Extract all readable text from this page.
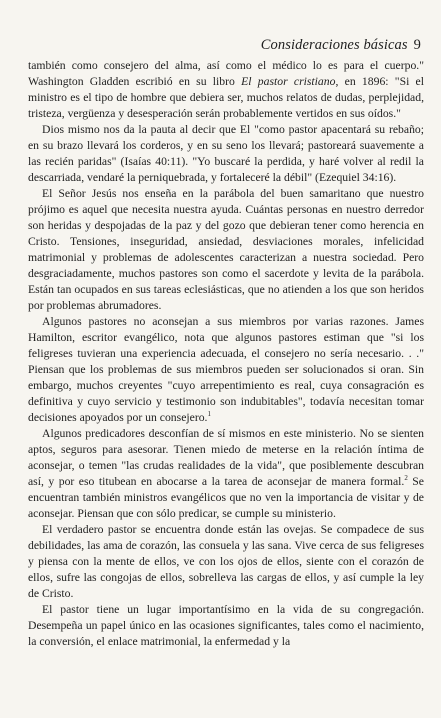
Consideraciones básicas 9

también como consejero del alma, así como el médico lo es para el cuerpo." Washington Gladden escribió en su libro El pastor cristiano, en 1896: "Si el ministro es el tipo de hombre que debiera ser, muchos relatos de dudas, perplejidad, tristeza, vergüenza y desesperación serán probablemente vertidos en sus oídos."

Dios mismo nos da la pauta al decir que El "como pastor apacentará su rebaño; en su brazo llevará los corderos, y en su seno los llevará; pastoreará suavemente a las recién paridas" (Isaías 40:11). "Yo buscaré la perdida, y haré volver al redil la descarriada, vendaré la perniquebrada, y fortaleceré la débil" (Ezequiel 34:16).

El Señor Jesús nos enseña en la parábola del buen samaritano que nuestro prójimo es aquel que necesita nuestra ayuda. Cuántas personas en nuestro derredor son heridas y despojadas de la paz y del gozo que debieran tener como herencia en Cristo. Tensiones, inseguridad, ansiedad, desviaciones morales, infelicidad matrimonial y problemas de adolescentes caracterizan a nuestra sociedad. Pero desgraciadamente, muchos pastores son como el sacerdote y levita de la parábola. Están tan ocupados en sus tareas eclesiásticas, que no atienden a los que son heridos por problemas abrumadores.

Algunos pastores no aconsejan a sus miembros por varias razones. James Hamilton, escritor evangélico, nota que algunos pastores estiman que "si los feligreses tuvieran una experiencia adecuada, el consejero no sería necesario. . ." Piensan que los problemas de sus miembros pueden ser solucionados si oran. Sin embargo, muchos creyentes "cuyo arrepentimiento es real, cuya consagración es definitiva y cuyo servicio y testimonio son indubitables", todavía necesitan tomar decisiones apoyados por un consejero.$^1$

Algunos predicadores desconfían de sí mismos en este ministerio. No se sienten aptos, seguros para asesorar. Tienen miedo de meterse en la relación íntima de aconsejar, o temen "las crudas realidades de la vida", que posiblemente descubran así, y por eso titubean en abocarse a la tarea de aconsejar de manera formal.$^2$ Se encuentran también ministros evangélicos que no ven la importancia de visitar y de aconsejar. Piensan que con sólo predicar, se cumple su ministerio.

El verdadero pastor se encuentra donde están las ovejas. Se compadece de sus debilidades, las ama de corazón, las consuela y las sana. Vive cerca de sus feligreses y piensa con la mente de ellos, ve con los ojos de ellos, siente con el corazón de ellos, sufre las congojas de ellos, sobrelleva las cargas de ellos, y así cumple la ley de Cristo.

El pastor tiene un lugar importantísimo en la vida de su congregación. Desempeña un papel único en las ocasiones significantes, tales como el nacimiento, la conversión, el enlace matrimonial, la enfermedad y la
